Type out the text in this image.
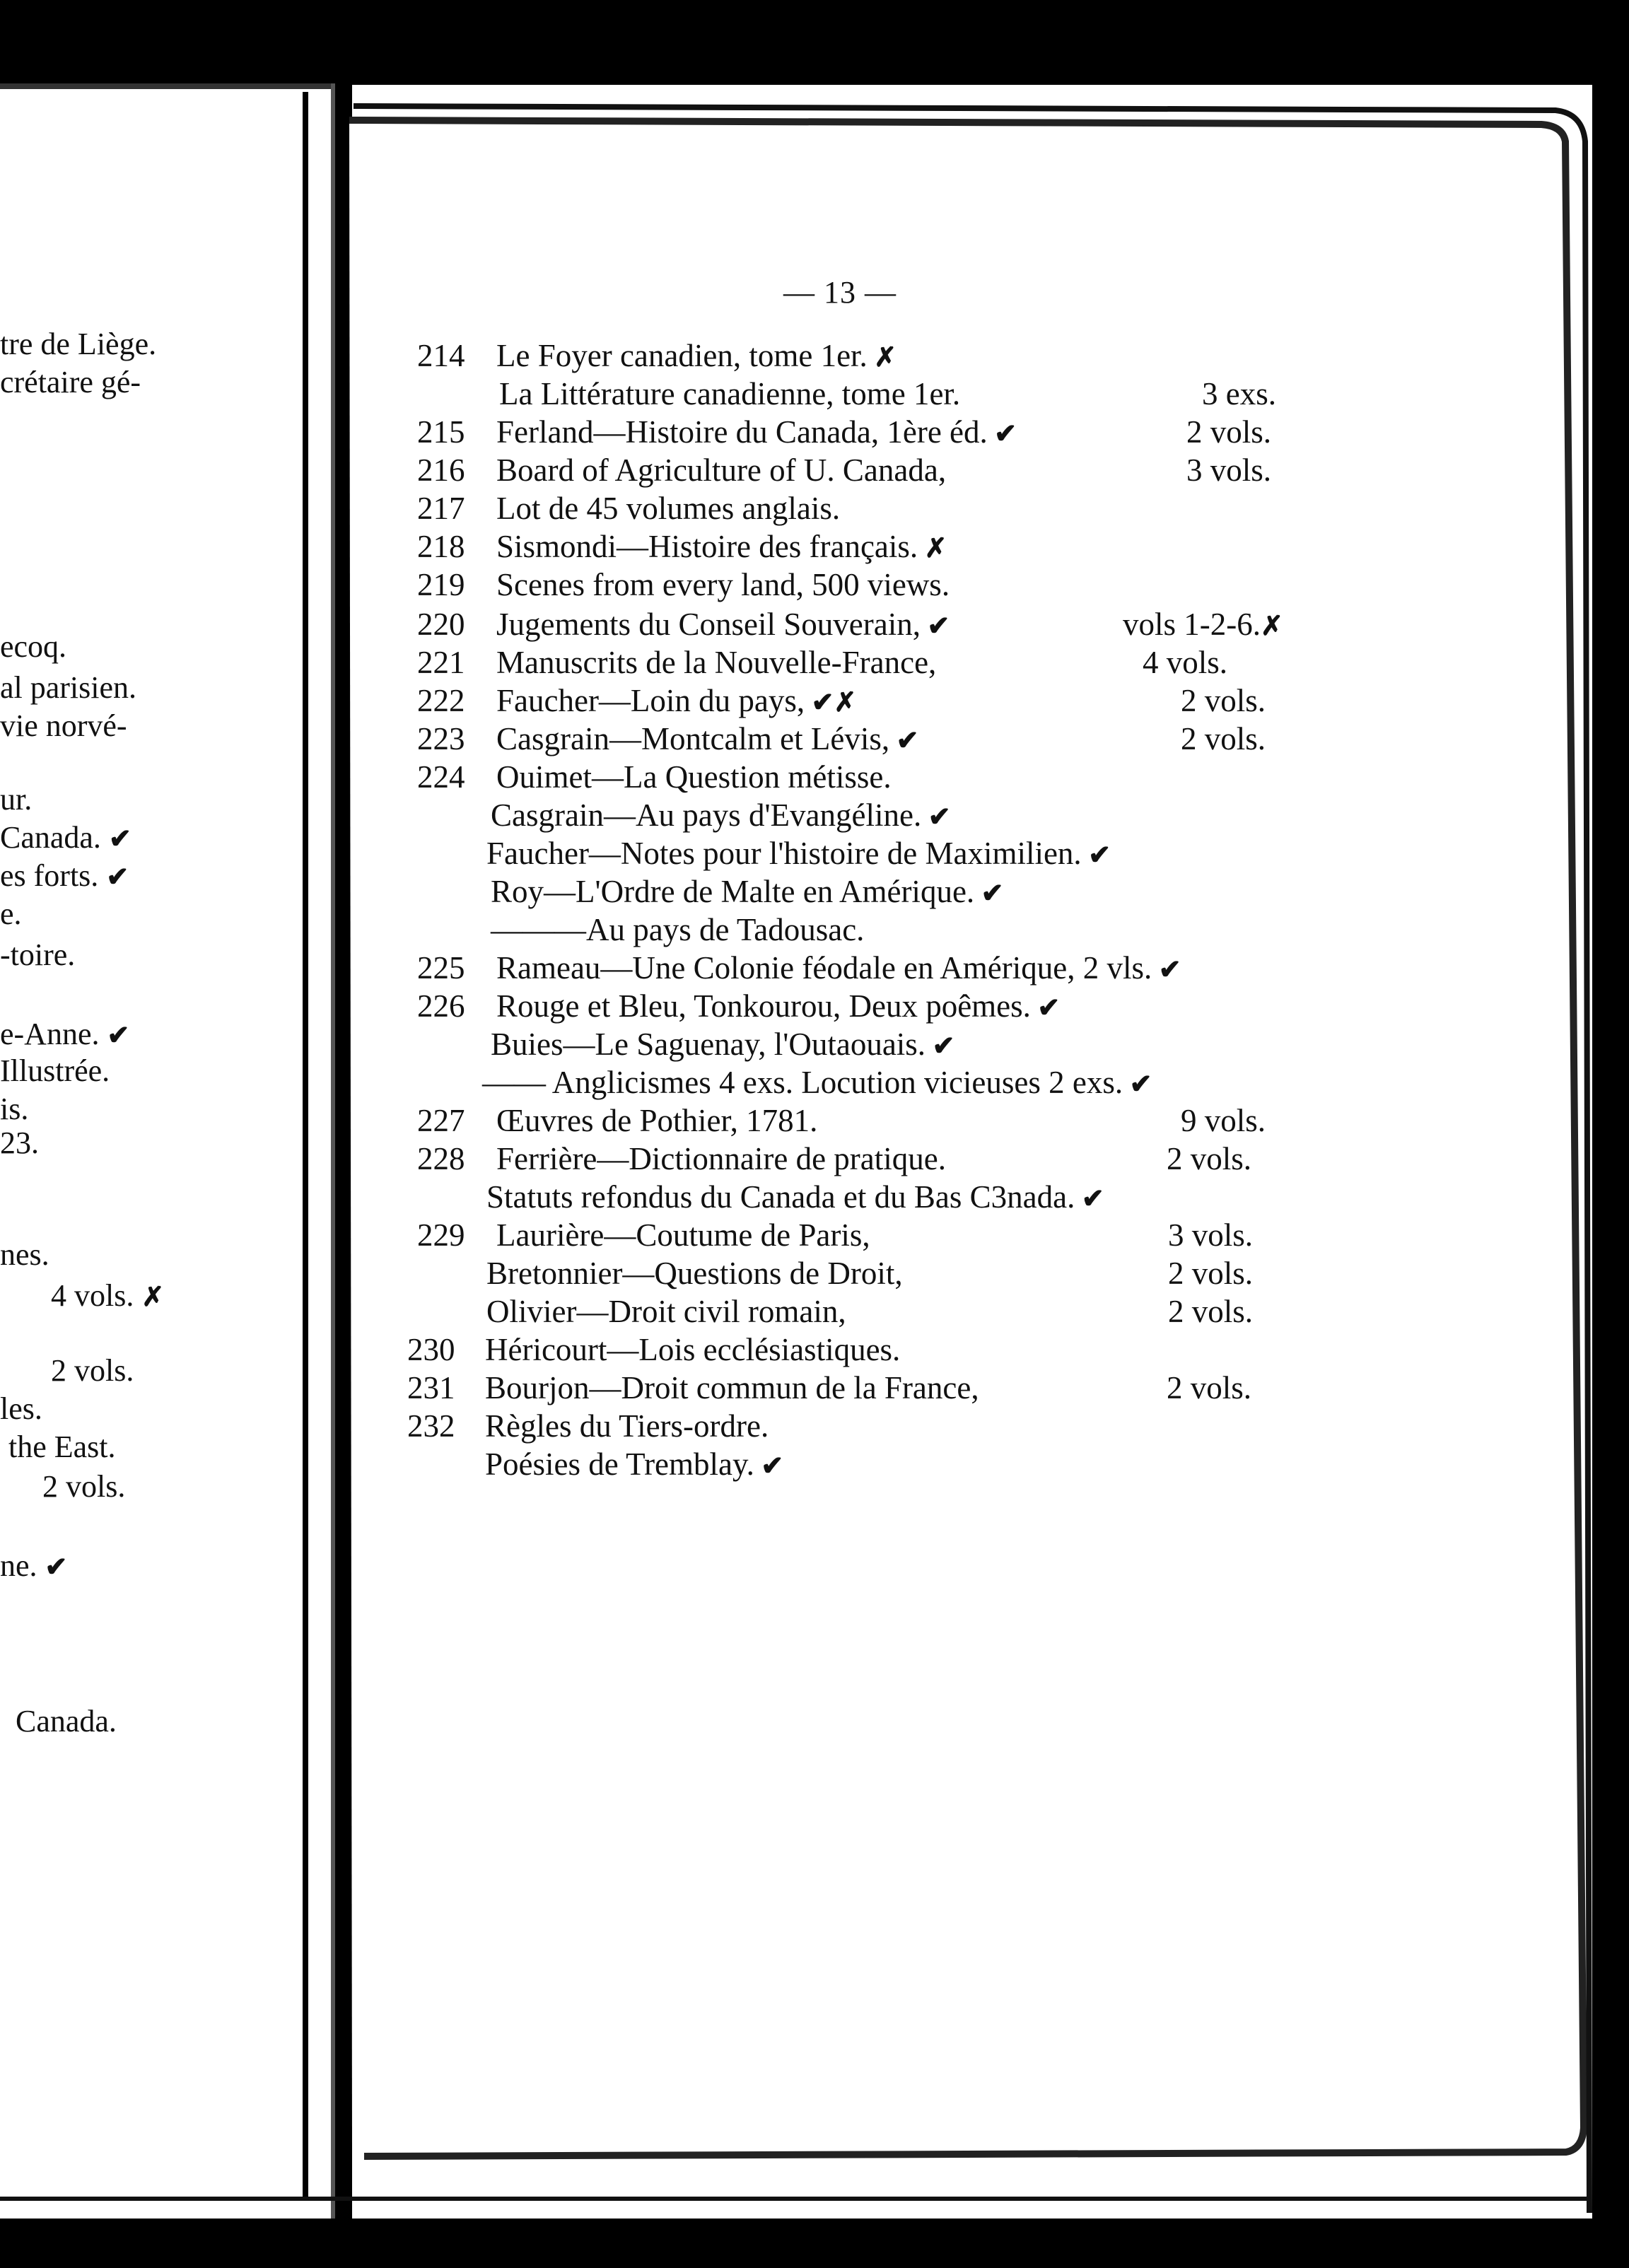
tre de Liège.
crétaire gé-
ecoq.
al parisien.
vie norvé-
ur.
Canada. ✔
es forts. ✔
e.
-toire.
e-Anne. ✔
Illustrée.
is.
23.
nes.
4 vols. ✗
2 vols.
les.
the East.
2 vols.
ne. ✔
Canada.
— 13 —
214 Le Foyer canadien, tome 1er. ✗
La Littérature canadienne, tome 1er.	3 exs.
215 Ferland—Histoire du Canada, 1ère éd. ✔	2 vols.
216 Board of Agriculture of U. Canada,	3 vols.
217 Lot de 45 volumes anglais.
218 Sismondi—Histoire des français. ✗
219 Scenes from every land, 500 views.
220 Jugements du Conseil Souverain, ✔	vols 1-2-6.✗
221 Manuscrits de la Nouvelle-France,	4 vols.
222 Faucher—Loin du pays, ✔✗	2 vols.
223 Casgrain—Montcalm et Lévis, ✔	2 vols.
224 Ouimet—La Question métisse.
Casgrain—Au pays d'Evangéline. ✔
Faucher—Notes pour l'histoire de Maximilien. ✔
Roy—L'Ordre de Malte en Amérique. ✔
———Au pays de Tadousac.
225 Rameau—Une Colonie féodale en Amérique, 2 vls. ✔
226 Rouge et Bleu, Tonkourou, Deux poêmes. ✔
Buies—Le Saguenay, l'Outaouais. ✔
—— Anglicismes 4 exs. Locution vicieuses 2 exs. ✔
227 Œuvres de Pothier, 1781.	9 vols.
228 Ferrière—Dictionnaire de pratique.	2 vols.
Statuts refondus du Canada et du Bas C3nada. ✔
229 Laurière—Coutume de Paris,	3 vols.
Bretonnier—Questions de Droit,	2 vols.
Olivier—Droit civil romain,	2 vols.
230 Héricourt—Lois ecclésiastiques.
231 Bourjon—Droit commun de la France,	2 vols.
232 Règles du Tiers-ordre.
Poésies de Tremblay. ✔
